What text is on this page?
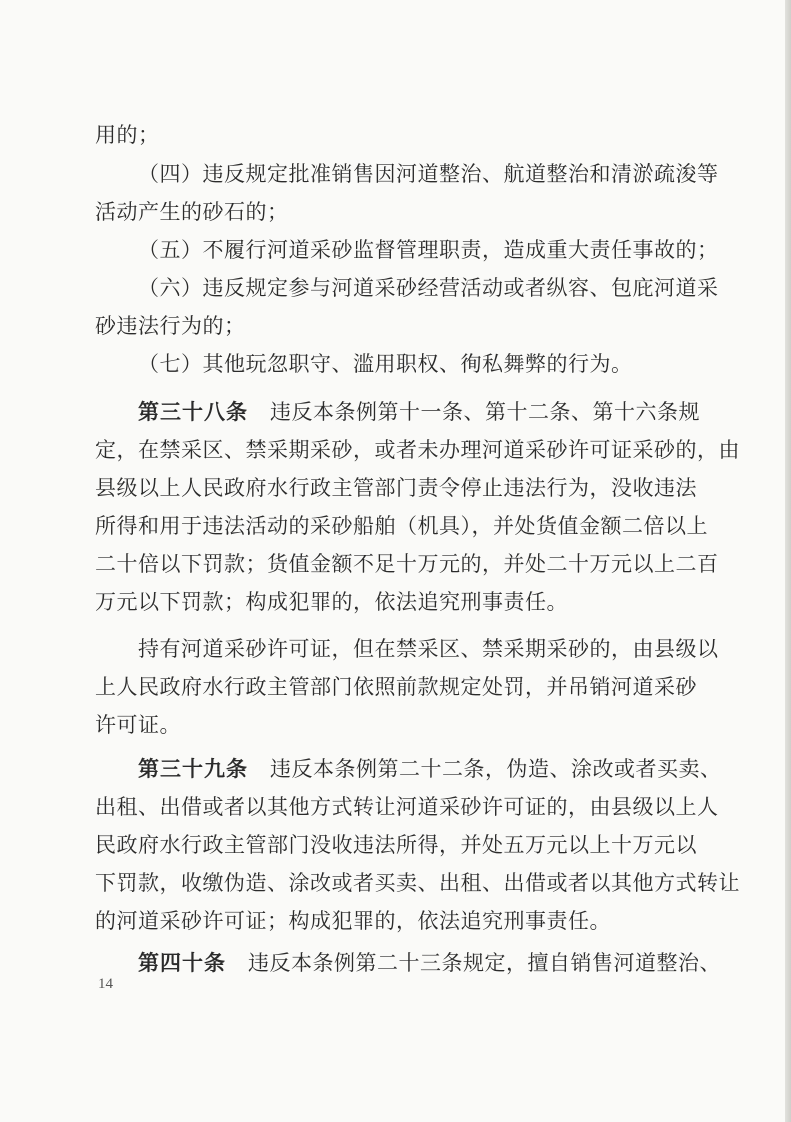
用的；
（四）违反规定批准销售因河道整治、航道整治和清淤疏浚等
活动产生的砂石的；
（五）不履行河道采砂监督管理职责，造成重大责任事故的；
（六）违反规定参与河道采砂经营活动或者纵容、包庇河道采
砂违法行为的；
（七）其他玩忽职守、滥用职权、徇私舞弊的行为。
第三十八条 违反本条例第十一条、第十二条、第十六条规
定，在禁采区、禁采期采砂，或者未办理河道采砂许可证采砂的，由
县级以上人民政府水行政主管部门责令停止违法行为，没收违法
所得和用于违法活动的采砂船舶（机具），并处货值金额二倍以上
二十倍以下罚款；货值金额不足十万元的，并处二十万元以上二百
万元以下罚款；构成犯罪的，依法追究刑事责任。
持有河道采砂许可证，但在禁采区、禁采期采砂的，由县级以
上人民政府水行政主管部门依照前款规定处罚，并吊销河道采砂
许可证。
第三十九条 违反本条例第二十二条，伪造、涂改或者买卖、
出租、出借或者以其他方式转让河道采砂许可证的，由县级以上人
民政府水行政主管部门没收违法所得，并处五万元以上十万元以
下罚款，收缴伪造、涂改或者买卖、出租、出借或者以其他方式转让
的河道采砂许可证；构成犯罪的，依法追究刑事责任。
第四十条 违反本条例第二十三条规定，擅自销售河道整治、
14
